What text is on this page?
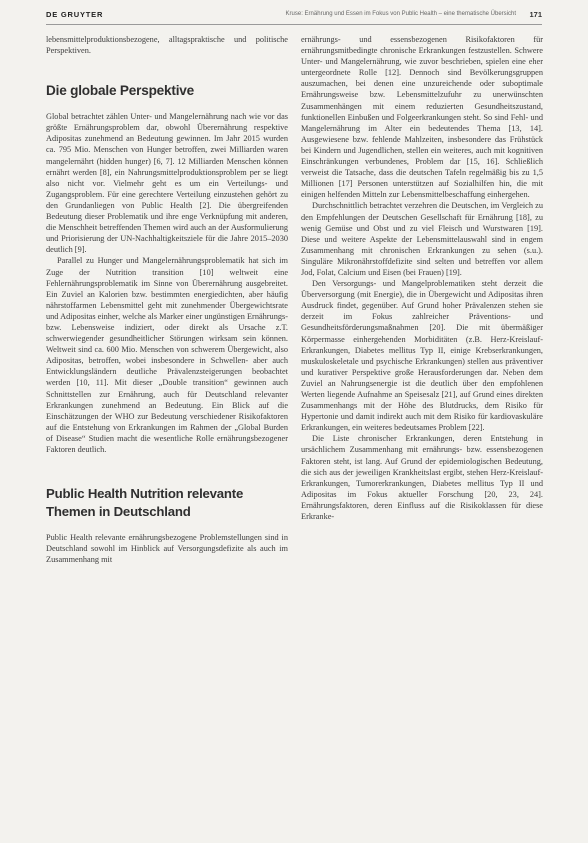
DE GRUYTER	Kruse: Ernährung und Essen im Fokus von Public Health – eine thematische Übersicht 171

lebensmittelproduktionsbezogene, alltagspraktische und politische Perspektiven.

Die globale Perspektive

Global betrachtet zählen Unter- und Mangelernährung nach wie vor das größte Ernährungsproblem dar, obwohl Überernährung respektive Adipositas zunehmend an Bedeutung gewinnen. Im Jahr 2015 wurden ca. 795 Mio. Menschen von Hunger betroffen, zwei Milliarden waren mangelernährt (hidden hunger) [6, 7]. 12 Milliarden Menschen können ernährt werden [8], ein Nahrungsmittelproduktionsproblem per se liegt also nicht vor. Vielmehr geht es um ein Verteilungs- und Zugangsproblem. Für eine gerechtere Verteilung einzustehen gehört zu den Grundanliegen von Public Health [2]. Die übergreifenden Bedeutung dieser Problematik und ihre enge Verknüpfung mit anderen, die Menschheit betreffenden Themen wird auch an der Ausformulierung und Priorisierung der UN-Nachhaltigkeitsziele für die Jahre 2015–2030 deutlich [9].

Parallel zu Hunger und Mangelernährungsproblematik hat sich im Zuge der Nutrition transition [10] weltweit eine Fehlernährungsproblematik im Sinne von Überernährung ausgebreitet. Ein Zuviel an Kalorien bzw. bestimmten energiedichten, aber häufig nährstoffarmen Lebensmittel geht mit zunehmender Übergewichtsrate und Adipositas einher, welche als Marker einer ungünstigen Ernährungs- bzw. Lebensweise indiziert, oder direkt als Ursache z.T. schwerwiegender gesundheitlicher Störungen wirksam sein können. Weltweit sind ca. 600 Mio. Menschen von schwerem Übergewicht, also Adipositas, betroffen, wobei insbesondere in Schwellen- aber auch Entwicklungsländern deutliche Prävalenzsteigerungen beobachtet werden [10, 11]. Mit dieser „Double transition“ gewinnen auch Schnittstellen zur Ernährung, auch für Deutschland relevanter Erkrankungen zunehmend an Bedeutung. Ein Blick auf die Einschätzungen der WHO zur Bedeutung verschiedener Risikofaktoren auf die Entstehung von Erkrankungen im Rahmen der „Global Burden of Disease“ Studien macht die wesentliche Rolle ernährungsbezogener Faktoren deutlich.

Public Health Nutrition relevante Themen in Deutschland

Public Health relevante ernährungsbezogene Problemstellungen sind in Deutschland sowohl im Hinblick auf Versorgungsdefizite als auch im Zusammenhang mit

ernährungs- und essensbezogenen Risikofaktoren für ernährungsmitbedingte chronische Erkrankungen festzustellen. Schwere Unter- und Mangelernährung, wie zuvor beschrieben, spielen eine eher untergeordnete Rolle [12]. Dennoch sind Bevölkerungsgruppen auszumachen, bei denen eine unzureichende oder suboptimale Ernährungsweise bzw. Lebensmittelzufuhr zu unerwünschten Zusammenhängen mit einem reduzierten Gesundheitszustand, funktionellen Einbußen und Folgeerkrankungen steht. So sind Fehl- und Mangelernährung im Alter ein bedeutendes Thema [13, 14]. Ausgewiesene bzw. fehlende Mahlzeiten, insbesondere das Frühstück bei Kindern und Jugendlichen, stellen ein weiteres, auch mit kognitiven Einschränkungen verbundenes, Problem dar [15, 16]. Schließlich verweist die Tatsache, dass die deutschen Tafeln regelmäßig bis zu 1,5 Millionen [17] Personen unterstützen auf Sozialhilfen hin, die mit einigen helfenden Mitteln zur Lebensmittelbeschaffung einhergehen.

Durchschnittlich betrachtet verzehren die Deutschen, im Vergleich zu den Empfehlungen der Deutschen Gesellschaft für Ernährung [18], zu wenig Gemüse und Obst und zu viel Fleisch und Wurstwaren [19]. Diese und weitere Aspekte der Lebensmittelauswahl sind in engem Zusammenhang mit chronischen Erkrankungen zu sehen (s.u.). Singuläre Mikronährstoffdefizite sind selten und betreffen vor allem Jod, Folat, Calcium und Eisen (bei Frauen) [19].

Den Versorgungs- und Mangelproblematiken steht derzeit die Überversorgung (mit Energie), die in Übergewicht und Adipositas ihren Ausdruck findet, gegenüber. Auf Grund hoher Prävalenzen stehen sie derzeit im Fokus zahlreicher Präventions- und Gesundheitsförderungsmaßnahmen [20]. Die mit übermäßiger Körpermasse einhergehenden Morbiditäten (z.B. Herz-Kreislauf-Erkrankungen, Diabetes mellitus Typ II, einige Krebserkrankungen, muskuloskeletale und psychische Erkrankungen) stellen aus präventiver und kurativer Perspektive große Herausforderungen dar. Neben dem Zuviel an Nahrungsenergie ist die deutlich über den empfohlenen Werten liegende Aufnahme an Speisesalz [21], auf Grund eines direkten Zusammenhangs mit der Höhe des Blutdrucks, dem Risiko für Hypertonie und damit indirekt auch mit dem Risiko für kardiovaskuläre Erkrankungen, ein weiteres bedeutsames Problem [22].

Die Liste chronischer Erkrankungen, deren Entstehung in ursächlichem Zusammenhang mit ernährungs- bzw. essensbezogenen Faktoren steht, ist lang. Auf Grund der epidemiologischen Bedeutung, die sich aus der jeweiligen Krankheitslast ergibt, stehen Herz-Kreislauf-Erkrankungen, Tumorerkrankungen, Diabetes mellitus Typ II und Adipositas im Fokus aktueller Forschung [20, 23, 24]. Ernährungsfaktoren, deren Einfluss auf die Risikoklassen für diese Erkranke-
